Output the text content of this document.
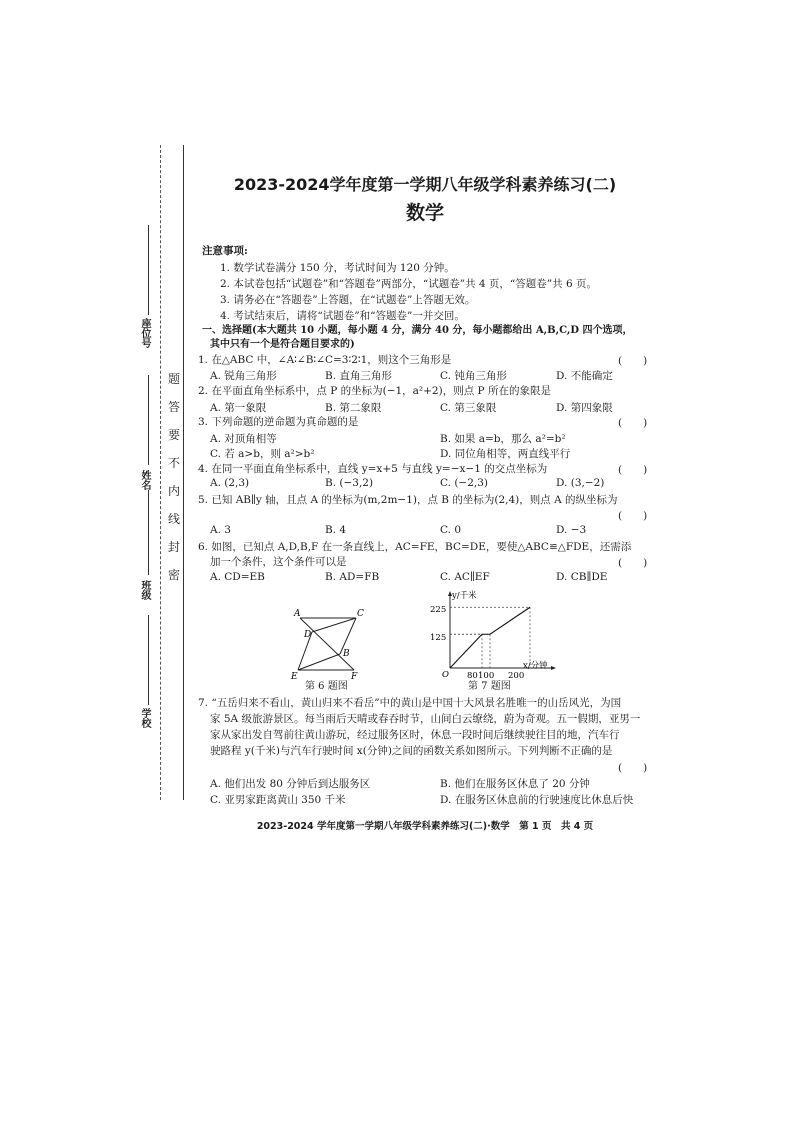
座位号
姓名
班级
学校
题
答
要
不
内
线
封
密
2023-2024学年度第一学期八年级学科素养练习(二)
数学
注意事项:
1. 数学试卷满分 150 分，考试时间为 120 分钟。
2. 本试卷包括“试题卷”和“答题卷”两部分，“试题卷”共 4 页，“答题卷”共 6 页。
3. 请务必在“答题卷”上答题，在“试题卷”上答题无效。
4. 考试结束后，请将“试题卷”和“答题卷”一并交回。
一、选择题(本大题共 10 小题，每小题 4 分，满分 40 分，每小题都给出 A,B,C,D 四个选项，
其中只有一个是符合题目要求的)
1. 在△ABC 中，∠A∶∠B∶∠C=3∶2∶1，则这个三角形是	(　　)
A. 锐角三角形	B. 直角三角形	C. 钝角三角形	D. 不能确定
2. 在平面直角坐标系中，点 P 的坐标为(−1，a²+2)，则点 P 所在的象限是
A. 第一象限	B. 第二象限	C. 第三象限	D. 第四象限
3. 下列命题的逆命题为真命题的是	(　　)
A. 对顶角相等	B. 如果 a=b，那么 a²=b²
C. 若 a>b，则 a²>b²	D. 同位角相等，两直线平行
4. 在同一平面直角坐标系中，直线 y=x+5 与直线 y=−x−1 的交点坐标为	(　　)
A. (2,3)	B. (−3,2)	C. (−2,3)	D. (3,−2)
5. 已知 AB∥y 轴，且点 A 的坐标为(m,2m−1)，点 B 的坐标为(2,4)，则点 A 的纵坐标为
(　　)
A. 3	B. 4	C. 0	D. −3
6. 如图，已知点 A,D,B,F 在一条直线上，AC=FE，BC=DE，要使△ABC≌△FDE，还需添
加一个条件，这个条件可以是	(　　)
A. CD=EB	B. AD=FB	C. AC∥EF	D. CB∥DE
A	C
D
B
E	F
第 6 题图
y/千米
x/分钟
O
225
125
80 100 200
第 7 题图
7. “五岳归来不看山，黄山归来不看岳”中的黄山是中国十大风景名胜唯一的山岳风光，为国
家 5A 级旅游景区。每当雨后天晴或春吞时节，山间白云缭绕，蔚为奇观。五一假期，亚男一
家从家出发自驾前往黄山游玩，经过服务区时，休息一段时间后继续驶往目的地，汽车行
驶路程 y(千米)与汽车行驶时间 x(分钟)之间的函数关系如图所示。下列判断不正确的是
(　　)
A. 他们出发 80 分钟后到达服务区	B. 他们在服务区休息了 20 分钟
C. 亚男家距离黄山 350 千米	D. 在服务区休息前的行驶速度比休息后快
2023-2024 学年度第一学期八年级学科素养练习(二)·数学　第 1 页　共 4 页
